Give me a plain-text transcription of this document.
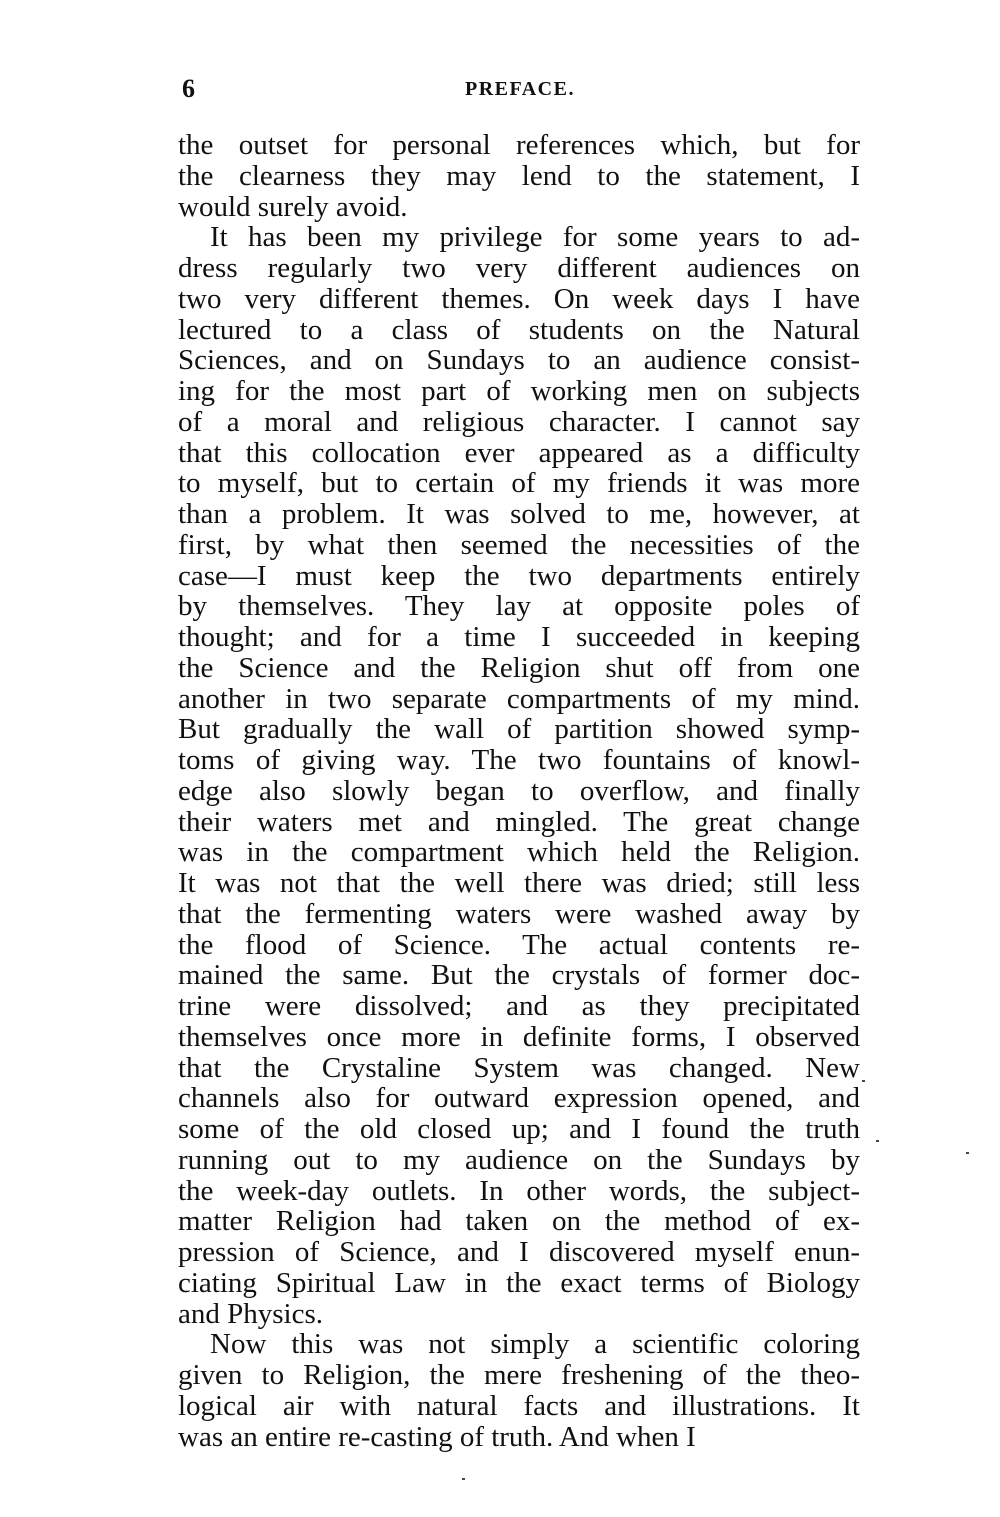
6	PREFACE.
the outset for personal references which, but for
the clearness they may lend to the statement, I
would surely avoid.
It has been my privilege for some years to ad-
dress regularly two very different audiences on
two very different themes. On week days I have
lectured to a class of students on the Natural
Sciences, and on Sundays to an audience consist-
ing for the most part of working men on subjects
of a moral and religious character. I cannot say
that this collocation ever appeared as a difficulty
to myself, but to certain of my friends it was more
than a problem. It was solved to me, however, at
first, by what then seemed the necessities of the
case—I must keep the two departments entirely
by themselves. They lay at opposite poles of
thought; and for a time I succeeded in keeping
the Science and the Religion shut off from one
another in two separate compartments of my mind.
But gradually the wall of partition showed symp-
toms of giving way. The two fountains of knowl-
edge also slowly began to overflow, and finally
their waters met and mingled. The great change
was in the compartment which held the Religion.
It was not that the well there was dried; still less
that the fermenting waters were washed away by
the flood of Science. The actual contents re-
mained the same. But the crystals of former doc-
trine were dissolved; and as they precipitated
themselves once more in definite forms, I observed
that the Crystaline System was changed. New
channels also for outward expression opened, and
some of the old closed up; and I found the truth
running out to my audience on the Sundays by
the week-day outlets. In other words, the subject-
matter Religion had taken on the method of ex-
pression of Science, and I discovered myself enun-
ciating Spiritual Law in the exact terms of Biology
and Physics.
Now this was not simply a scientific coloring
given to Religion, the mere freshening of the theo-
logical air with natural facts and illustrations. It
was an entire re-casting of truth. And when I
